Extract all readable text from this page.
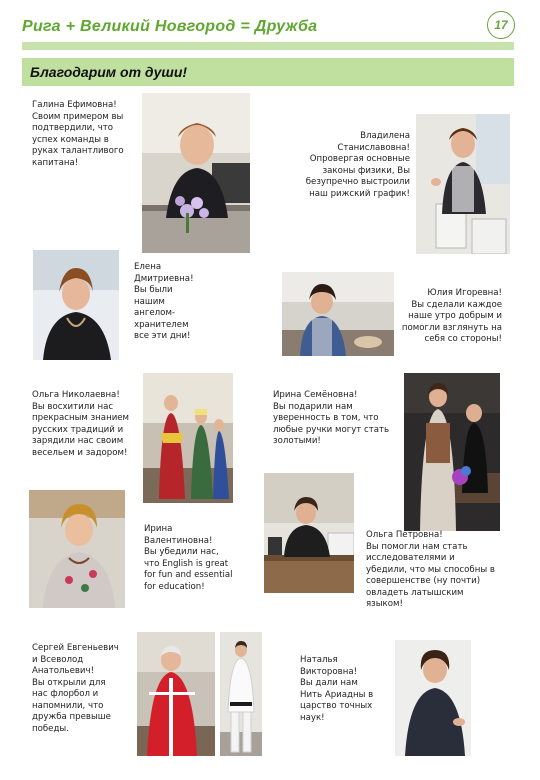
Рига + Великий Новгород = Дружба	17
Благодарим от души!
Галина Ефимовна!
Своим примером вы
подтвердили, что
успех команды в
руках талантливого
капитана!
Владилена
Станиславовна!
Опровергая основные
законы физики, Вы
безупречно выстроили
наш рижский график!
Елена
Дмитриевна!
Вы были
нашим
ангелом-
хранителем
все эти дни!
Юлия Игоревна!
Вы сделали каждое
наше утро добрым и
помогли взглянуть на
себя со стороны!
Ольга Николаевна!
Вы восхитили нас
прекрасным знанием
русских традиций и
зарядили нас своим
весельем и задором!
Ирина Семёновна!
Вы подарили нам
уверенность в том, что
любые ручки могут стать
золотыми!
Ирина
Валентиновна!
Вы убедили нас,
что English is great
for fun and essential
for education!
Ольга Петровна!
Вы помогли нам стать
исследователями и
убедили, что мы способны в
совершенстве (ну почти)
овладеть латышским
языком!
Сергей Евгеньевич
и Всеволод
Анатольевич!
Вы открыли для
нас флорбол и
напомнили, что
дружба превыше
победы.
Наталья
Викторовна!
Вы дали нам
Нить Ариадны в
царство точных
наук!
